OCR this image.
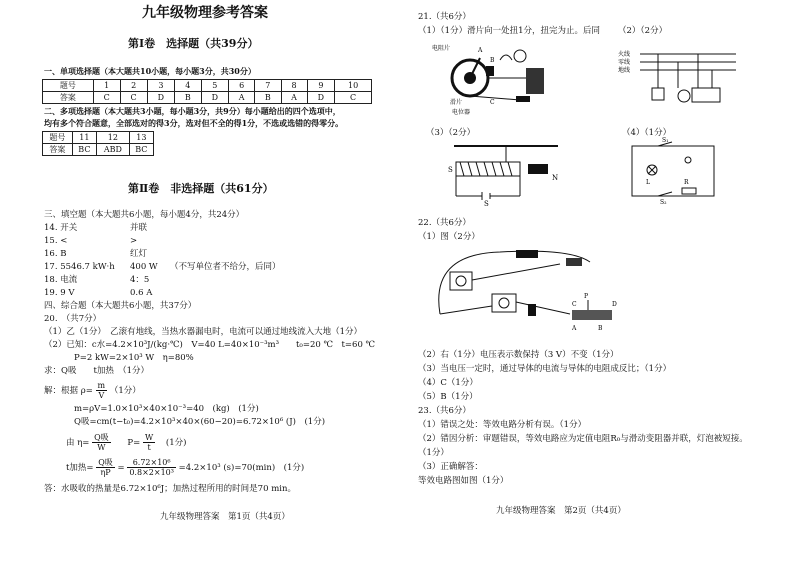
九年级物理参考答案
第Ⅰ卷　选择题（共39分）
一、单项选择题（本大题共10小题，每小题3分，共30分）
题号	1	2	3	4	5	6	7	8	9	10
答案	C	C	D	B	D	A	B	A	D	C
二、多项选择题（本大题共3小题，每小题3分，共9分）每小题给出的四个选项中，
均有多个符合题意，全部选对的得3分，选对但不全的得1分，不选或选错的得零分。
题号	11	12	13
答案	BC	ABD	BC
第Ⅱ卷　非选择题（共61分）
三、填空题（本大题共6小题，每小题4分，共24分）
14. 开关	并联
15. <	>
16. B	红灯
17. 5546.7 kW·h 400 W （不写单位者不给分，后同）
18. 电流	4：5
19. 9 V	0.6 A
四、综合题（本大题共6小题，共37分）
20.　（共7分）
（1）乙（1分）　乙滚有地线，当热水器漏电时，电流可以通过地线流入大地（1分）
（2）已知：c水=4.2×10³J/(kg·℃)　V=40 L=40×10⁻³m³　　t₀=20 ℃　t=60 ℃
P=2 kW=2×10³ W　η=80%
求：Q吸　　t加热　（1分）
解：根据 $\rho= \frac{m}{V} (1$分）
m=ρV=1.0×10³×40×10⁻³=40　(kg)　(1分)
Q吸=cm(t−t₀)=4.2×10³×40×(60−20)=6.72×10⁶ (J)　(1分)
由 $\eta= \frac{\text{Q吸}}{W} P= \frac{W}{t} (1$分)
t加热= $\frac{\text{Q吸}}{\eta P} = \frac{\text{6.72×10⁶}}{\text{0.8×2×10³}} =4.2\times 10^3$ (s)=70(min)　(1分)
答：水吸收的热量是6.72×10⁶J；加热过程所用的时间是70 min。
九年级物理答案　第1页（共4页）
21.（共6分）
（1）（1分）滑片向一处扭1分，扭完为止。后同 （2）（2分）
电阻片	A
B
C
滑片
电位器
火线
零线
地线
（3）（2分）	（4）（1分）
S
N
S
S₁
L	R
S₂
22.（共6分）
（1）图（2分）
P
A	B
C	D
（2）右（1分）电压表示数保持（3 V）不变（1分）
（3）当电压一定时，通过导体的电流与导体的电阻成反比；（1分）
（4）C（1分）
（5）B（1分）
23.（共6分）
（1）错误之处：等效电路分析有误。（1分）
（2）错因分析：审题错误，等效电路应为定值电阻R₀与滑动变阻器并联，灯泡被短接。
（1分）
（3）正确解答：
等效电路图如图（1分）
九年级物理答案　第2页（共4页）
